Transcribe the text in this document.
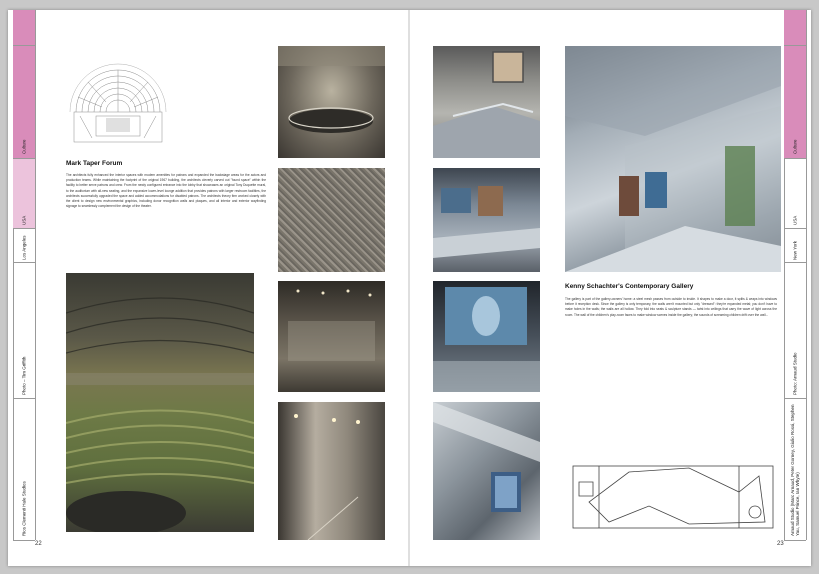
Culture
USA
Los Angeles
Photo – Tim Griffith
Rios Clementi Hale Studios
22
Mark Taper Forum
The architects fully enhanced the interior spaces with modern amenities for patrons and expanded the backstage areas for the actors and production teams. While maintaining the footprint of the original 1967 building, the architects cleverly carved out "found space" within the facility to better serve patrons and crew. From the newly configured entrance into the lobby that showcases an original Tony Duquette mural, to the auditorium with all-new seating, and the expansive lower-level lounge addition that provides patrons with larger restroom facilities, the architects successfully upgraded the space and added accommodations for disabled patrons. The architects theory firm worked closely with the client to design new environmental graphics, including donor recognition walls and plaques, and all interior and exterior wayfinding signage to seamlessly complement the design of the theater.
Culture
USA
New York
Photo: Arnaud Studio
Arnaud Studio (Marc Arnaud, Peter Gorney, Giulio Rossi, Stephen Yau, Samuel Prince, Ian Whyte)
23
Kenny Schachter's Contemporary Gallery
The gallery is part of the gallery-owners' home: a steel mesh passes from outside to inside. It shapes to make a door, it splits & wraps into windows before it reception desk. Since the gallery is only temporary, the walls aren't mounted but only "dressed": they're expanded metal; you don't have to make holes in the walls; the walls are all hollow. They fold into seats & sculpture stands — twist into ceilings that carry the wave of light across the room. The wall of the children's play-room faces to make window scenes inside the gallery; the sounds of screaming children drift over the wall...
